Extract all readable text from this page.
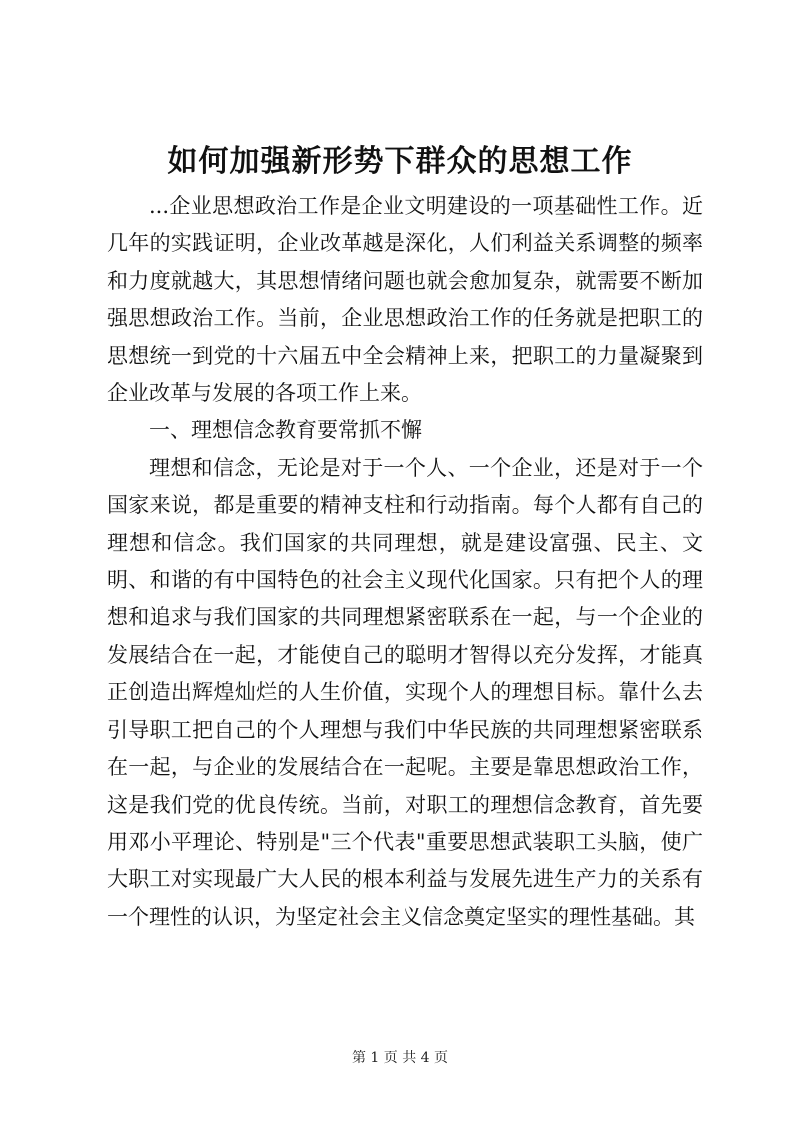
如何加强新形势下群众的思想工作

...企业思想政治工作是企业文明建设的一项基础性工作。近几年的实践证明，企业改革越是深化，人们利益关系调整的频率和力度就越大，其思想情绪问题也就会愈加复杂，就需要不断加强思想政治工作。当前，企业思想政治工作的任务就是把职工的思想统一到党的十六届五中全会精神上来，把职工的力量凝聚到企业改革与发展的各项工作上来。

一、理想信念教育要常抓不懈

理想和信念，无论是对于一个人、一个企业，还是对于一个国家来说，都是重要的精神支柱和行动指南。每个人都有自己的理想和信念。我们国家的共同理想，就是建设富强、民主、文明、和谐的有中国特色的社会主义现代化国家。只有把个人的理想和追求与我们国家的共同理想紧密联系在一起，与一个企业的发展结合在一起，才能使自己的聪明才智得以充分发挥，才能真正创造出辉煌灿烂的人生价值，实现个人的理想目标。靠什么去引导职工把自己的个人理想与我们中华民族的共同理想紧密联系在一起，与企业的发展结合在一起呢。主要是靠思想政治工作，这是我们党的优良传统。当前，对职工的理想信念教育，首先要用邓小平理论、特别是"三个代表"重要思想武装职工头脑，使广大职工对实现最广大人民的根本利益与发展先进生产力的关系有一个理性的认识，为坚定社会主义信念奠定坚实的理性基础。其

第 1 页 共 4 页
